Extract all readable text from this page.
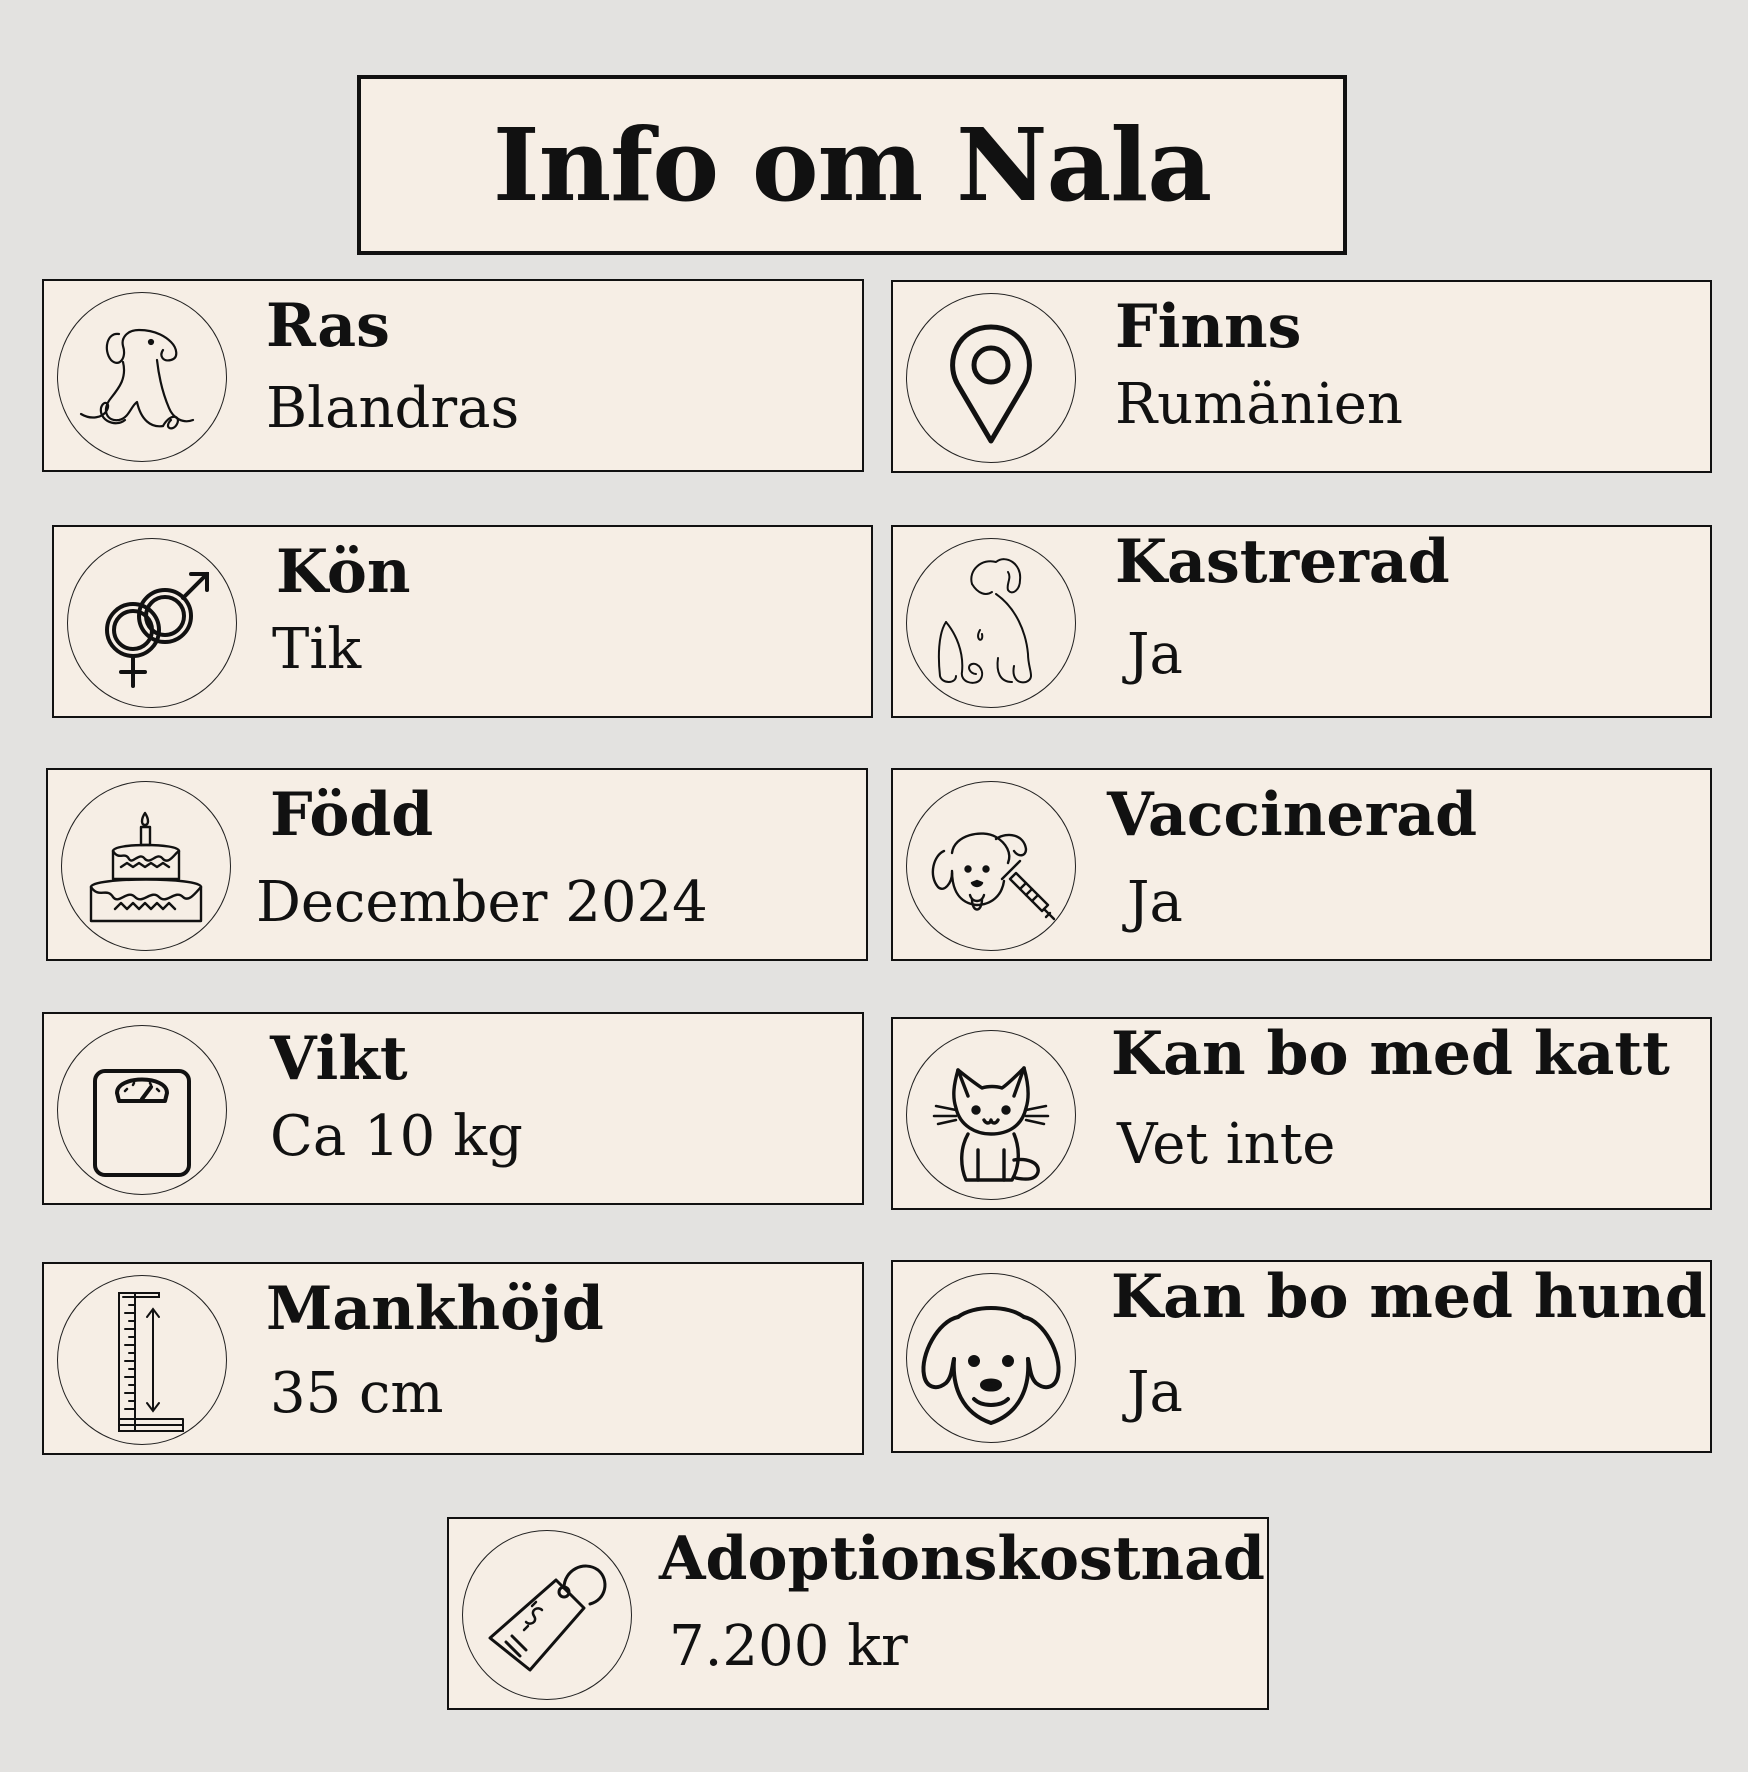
Info om Nala
Ras
Blandras
Finns
Rumänien
Kön
Tik
Kastrerad
Ja
Född
December 2024
Vaccinerad
Ja
Vikt
Ca 10 kg
Kan bo med katt
Vet inte
Mankhöjd
35 cm
Kan bo med hund
Ja
Adoptionskostnad
7.200 kr
